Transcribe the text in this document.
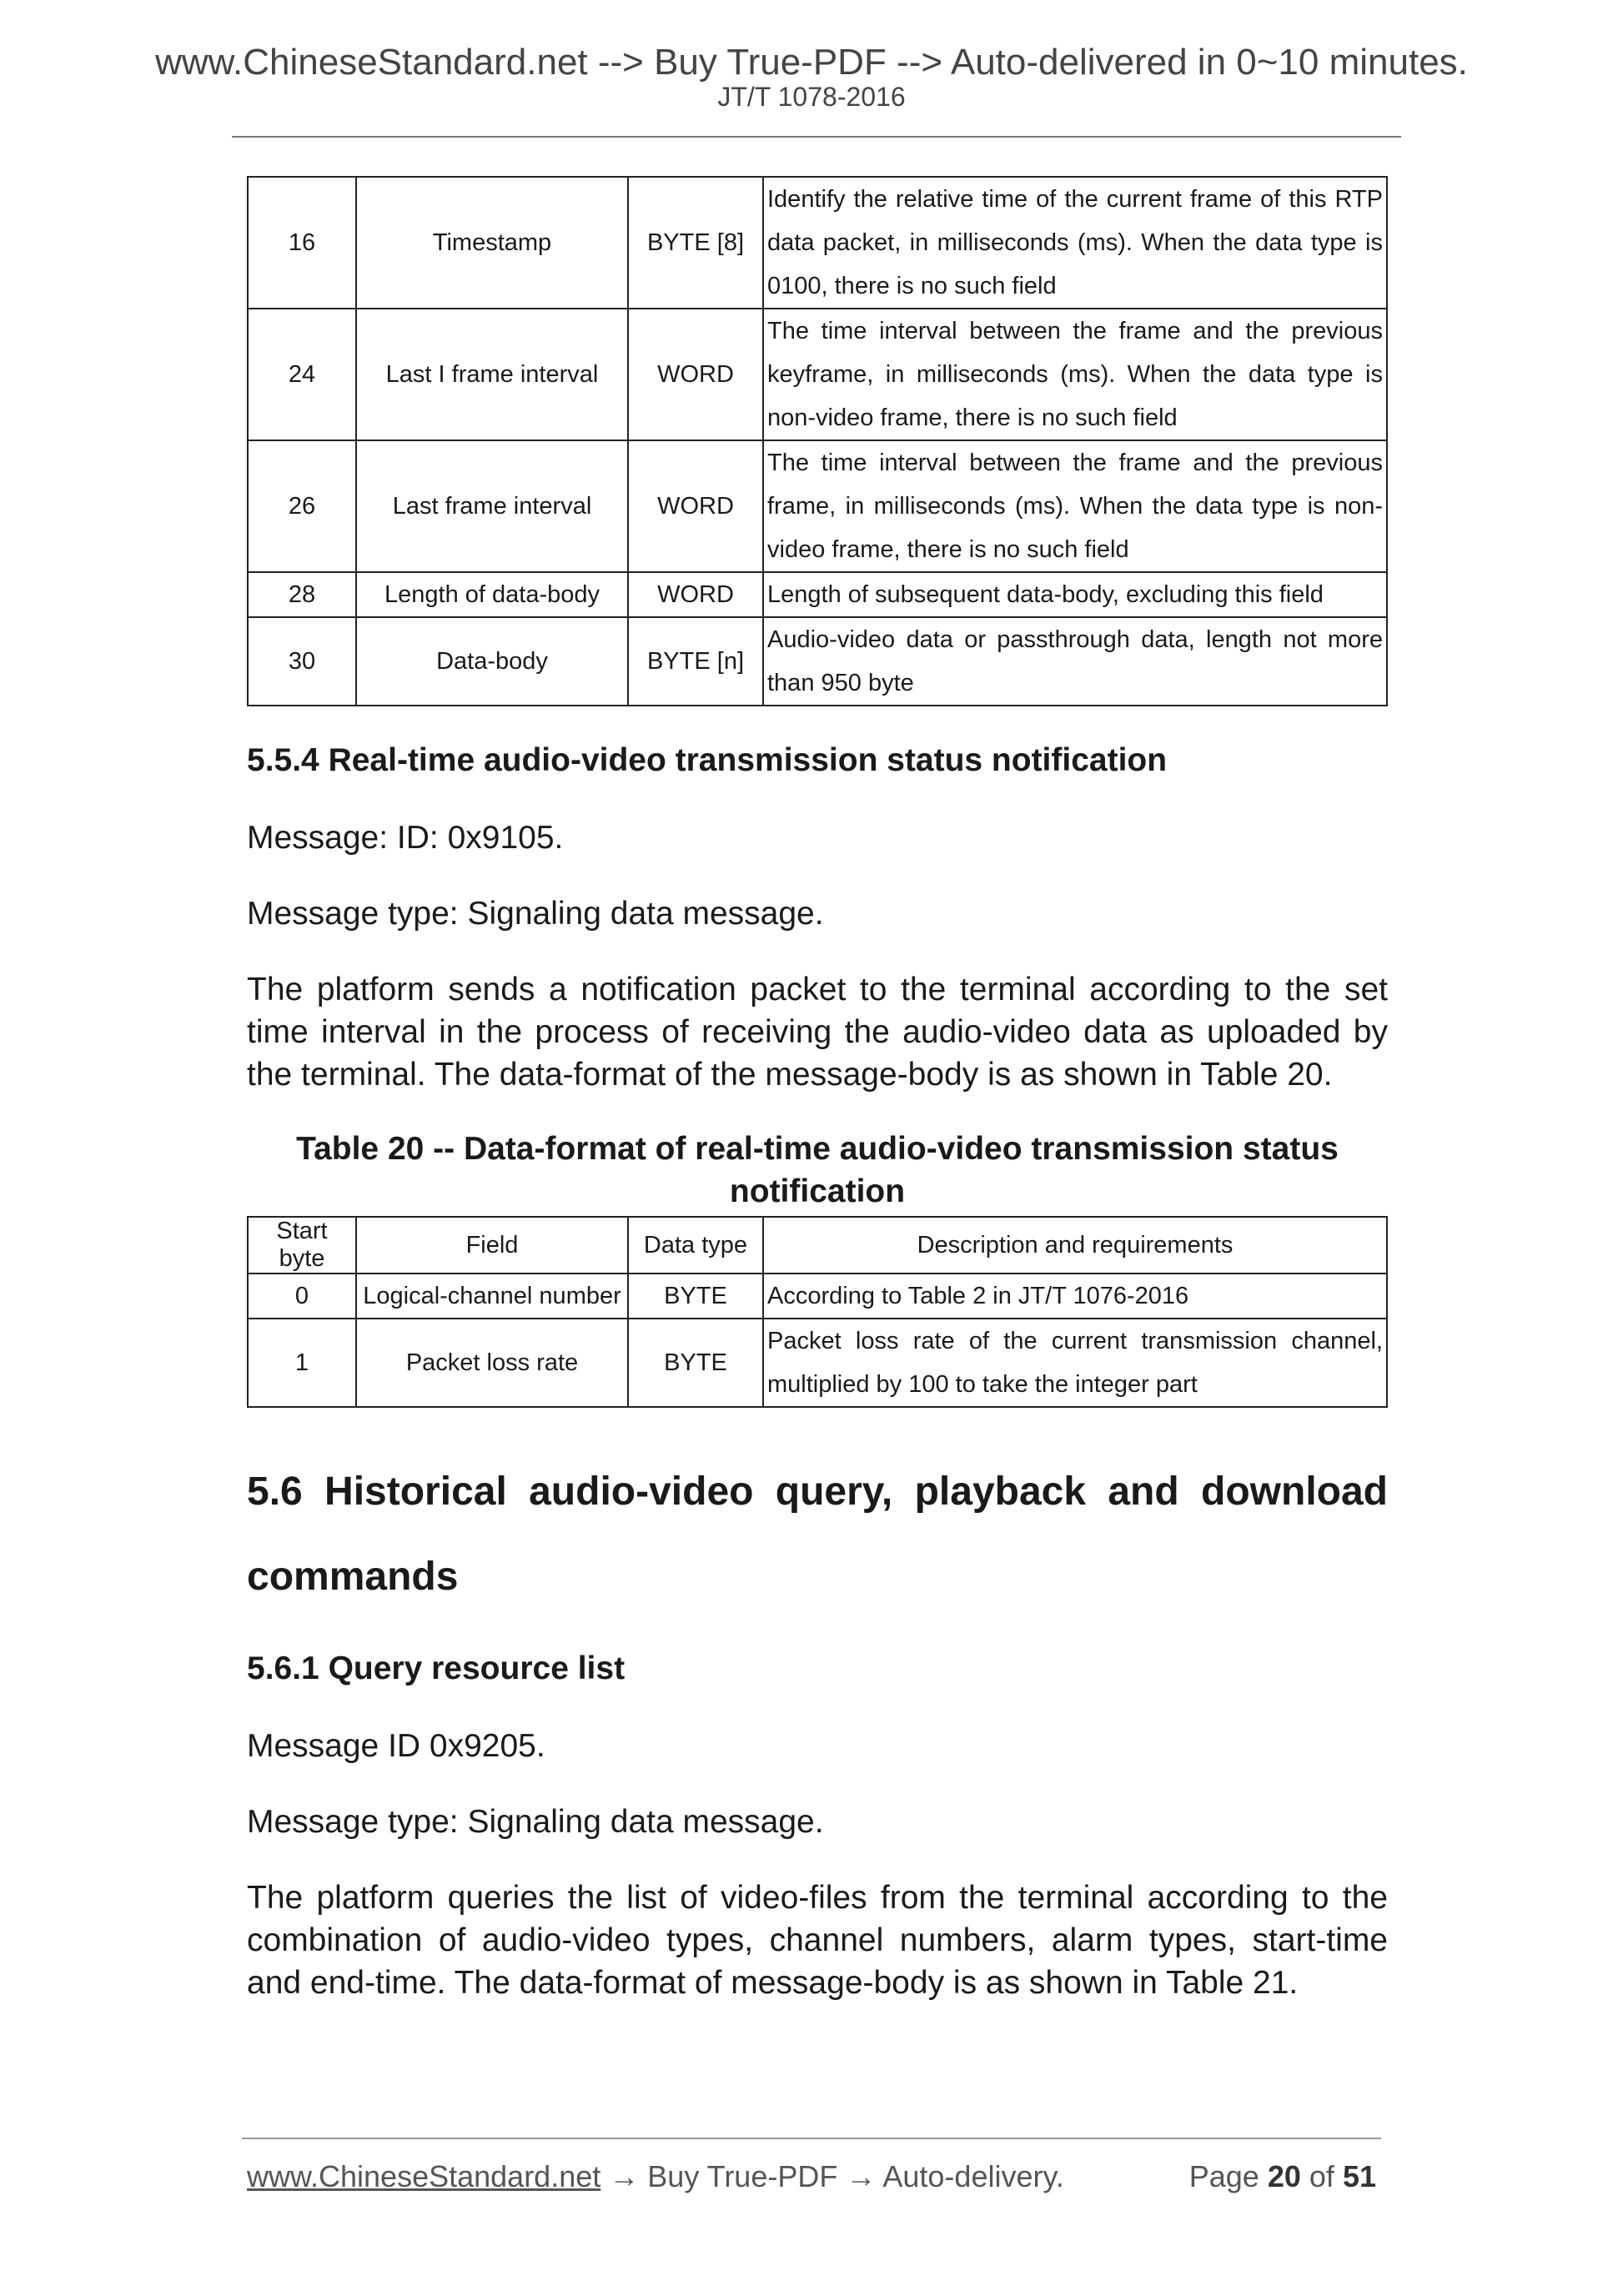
www.ChineseStandard.net --> Buy True-PDF --> Auto-delivered in 0~10 minutes.
JT/T 1078-2016
16	Timestamp	BYTE [8]	Identify the relative time of the current frame of this RTP data packet, in milliseconds (ms). When the data type is 0100, there is no such field
24	Last I frame interval	WORD	The time interval between the frame and the previous keyframe, in milliseconds (ms). When the data type is non-video frame, there is no such field
26	Last frame interval	WORD	The time interval between the frame and the previous frame, in milliseconds (ms). When the data type is non-video frame, there is no such field
28	Length of data-body	WORD	Length of subsequent data-body, excluding this field
30	Data-body	BYTE [n]	Audio-video data or passthrough data, length not more than 950 byte
5.5.4 Real-time audio-video transmission status notification

Message: ID: 0x9105.

Message type: Signaling data message.

The platform sends a notification packet to the terminal according to the set time interval in the process of receiving the audio-video data as uploaded by the terminal. The data-format of the message-body is as shown in Table 20.

Table 20 -- Data-format of real-time audio-video transmission status notification

Start byte	Field	Data type	Description and requirements
0	Logical-channel number	BYTE	According to Table 2 in JT/T 1076-2016
1	Packet loss rate	BYTE	Packet loss rate of the current transmission channel, multiplied by 100 to take the integer part
5.6 Historical audio-video query, playback and download commands
5.6.1 Query resource list

Message ID 0x9205.

Message type: Signaling data message.

The platform queries the list of video-files from the terminal according to the combination of audio-video types, channel numbers, alarm types, start-time and end-time. The data-format of message-body is as shown in Table 21.

www.ChineseStandard.net → Buy True-PDF → Auto-delivery.	Page 20 of 51
